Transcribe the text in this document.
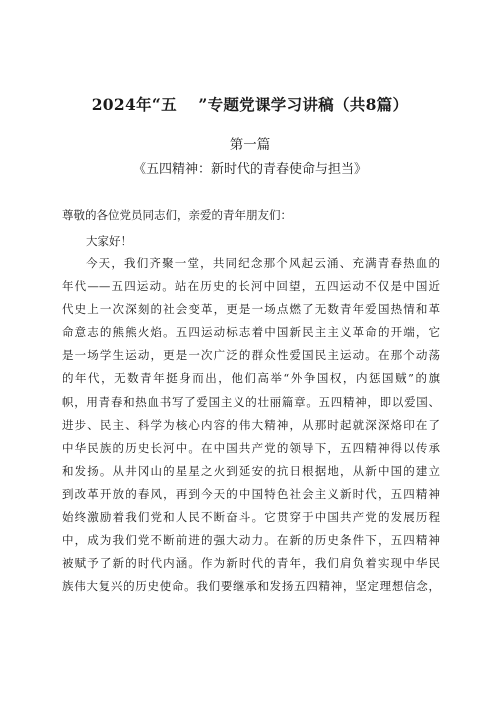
2024年“五　 ”专题党课学习讲稿（共8篇）
第一篇
《五四精神：新时代的青春使命与担当》
尊敬的各位党员同志们，亲爱的青年朋友们：
大家好！
今天，我们齐聚一堂，共同纪念那个风起云涌、充满青春热血的
年代——五四运动。站在历史的长河中回望，五四运动不仅是中国近
代史上一次深刻的社会变革，更是一场点燃了无数青年爱国热情和革
命意志的熊熊火焰。五四运动标志着中国新民主主义革命的开端，它
是一场学生运动，更是一次广泛的群众性爱国民主运动。在那个动荡
的年代，无数青年挺身而出，他们高举“外争国权，内惩国贼”的旗
帜，用青春和热血书写了爱国主义的壮丽篇章。五四精神，即以爱国、
进步、民主、科学为核心内容的伟大精神，从那时起就深深烙印在了
中华民族的历史长河中。在中国共产党的领导下，五四精神得以传承
和发扬。从井冈山的星星之火到延安的抗日根据地，从新中国的建立
到改革开放的春风，再到今天的中国特色社会主义新时代，五四精神
始终激励着我们党和人民不断奋斗。它贯穿于中国共产党的发展历程
中，成为我们党不断前进的强大动力。在新的历史条件下，五四精神
被赋予了新的时代内涵。作为新时代的青年，我们肩负着实现中华民
族伟大复兴的历史使命。我们要继承和发扬五四精神，坚定理想信念，
